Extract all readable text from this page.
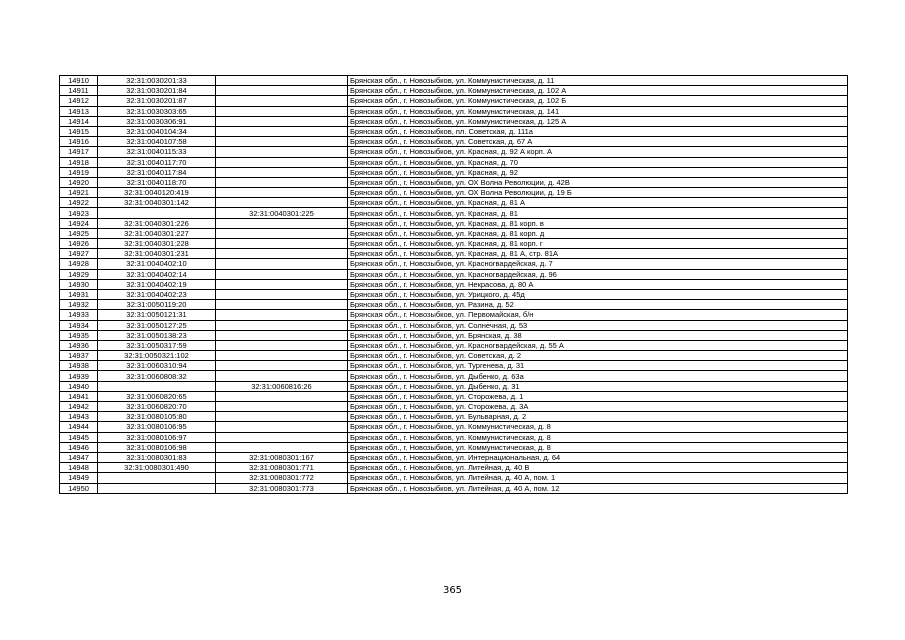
14910	32:31:0030201:33		Брянская обл., г. Новозыбков, ул. Коммунистическая, д. 11
14911	32:31:0030201:84		Брянская обл., г. Новозыбков, ул. Коммунистическая, д. 102 А
14912	32:31:0030201:87		Брянская обл., г. Новозыбков, ул. Коммунистическая, д. 102 Б
14913	32:31:0030303:65		Брянская обл., г. Новозыбков, ул. Коммунистическая, д. 141
14914	32:31:0030306:91		Брянская обл., г. Новозыбков, ул. Коммунистическая, д. 125 А
14915	32:31:0040104:34		Брянская обл., г. Новозыбков, пл. Советская, д. 111а
14916	32:31:0040107:58		Брянская обл., г. Новозыбков, ул. Советская, д. 67 А
14917	32:31:0040115:33		Брянская обл., г. Новозыбков, ул. Красная, д. 92 А корп. А
14918	32:31:0040117:70		Брянская обл., г. Новозыбков, ул. Красная, д. 70
14919	32:31:0040117:84		Брянская обл., г. Новозыбков, ул. Красная, д. 92
14920	32:31:0040118:70		Брянская обл., г. Новозыбков, ул. ОХ Волна Революции, д. 42В
14921	32:31:0040120:419		Брянская обл., г. Новозыбков, ул. ОХ Волна Революции, д. 19 Б
14922	32:31:0040301:142		Брянская обл., г. Новозыбков, ул. Красная, д. 81 А
14923		32:31:0040301:225	Брянская обл., г. Новозыбков, ул. Красная, д. 81
14924	32:31:0040301:226		Брянская обл., г. Новозыбков, ул. Красная, д. 81 корп. в
14925	32:31:0040301:227		Брянская обл., г. Новозыбков, ул. Красная, д. 81 корп. д
14926	32:31:0040301:228		Брянская обл., г. Новозыбков, ул. Красная, д. 81 корп. г
14927	32:31:0040301:231		Брянская обл., г. Новозыбков, ул. Красная, д. 81 А, стр. 81А
14928	32:31:0040402:10		Брянская обл., г. Новозыбков, ул. Красногвардейская, д. 7
14929	32:31:0040402:14		Брянская обл., г. Новозыбков, ул. Красногвардейская, д. 96
14930	32:31:0040402:19		Брянская обл., г. Новозыбков, ул. Некрасова, д. 80 А
14931	32:31:0040402:23		Брянская обл., г. Новозыбков, ул. Урицкого, д. 45д
14932	32:31:0050119:20		Брянская обл., г. Новозыбков, ул. Разина, д. 52
14933	32:31:0050121:31		Брянская обл., г. Новозыбков, ул. Первомайская, б/н
14934	32:31:0050127:25		Брянская обл., г. Новозыбков, ул. Солнечная, д. 53
14935	32:31:0050138:23		Брянская обл., г. Новозыбков, ул. Брянская, д. 38
14936	32:31:0050317:59		Брянская обл., г. Новозыбков, ул. Красногвардейская, д. 55 А
14937	32:31:0050321:102		Брянская обл., г. Новозыбков, ул. Советская, д. 2
14938	32:31:0060310:94		Брянская обл., г. Новозыбков, ул. Тургенева, д. 31
14939	32:31:0060808:32		Брянская обл., г. Новозыбков, ул. Дыбенко, д. 63а
14940		32:31:0060816:26	Брянская обл., г. Новозыбков, ул. Дыбенко, д. 31
14941	32:31:0060820:65		Брянская обл., г. Новозыбков, ул. Сторожева, д. 1
14942	32:31:0060820:70		Брянская обл., г. Новозыбков, ул. Сторожева, д. 3А
14943	32:31:0080105:80		Брянская обл., г. Новозыбков, ул. Бульварная, д. 2
14944	32:31:0080106:95		Брянская обл., г. Новозыбков, ул. Коммунистическая, д. 8
14945	32:31:0080106:97		Брянская обл., г. Новозыбков, ул. Коммунистическая, д. 8
14946	32:31:0080106:98		Брянская обл., г. Новозыбков, ул. Коммунистическая, д. 8
14947	32:31:0080301:83	32:31:0080301:167	Брянская обл., г. Новозыбков, ул. Интернациональная, д. 64
14948	32:31:0080301:490	32:31:0080301:771	Брянская обл., г. Новозыбков, ул. Литейная, д. 40 В
14949		32:31:0080301:772	Брянская обл., г. Новозыбков, ул. Литейная, д. 40 А, пом. 1
14950		32:31:0080301:773	Брянская обл., г. Новозыбков, ул. Литейная, д. 40 А, пом. 12
365
